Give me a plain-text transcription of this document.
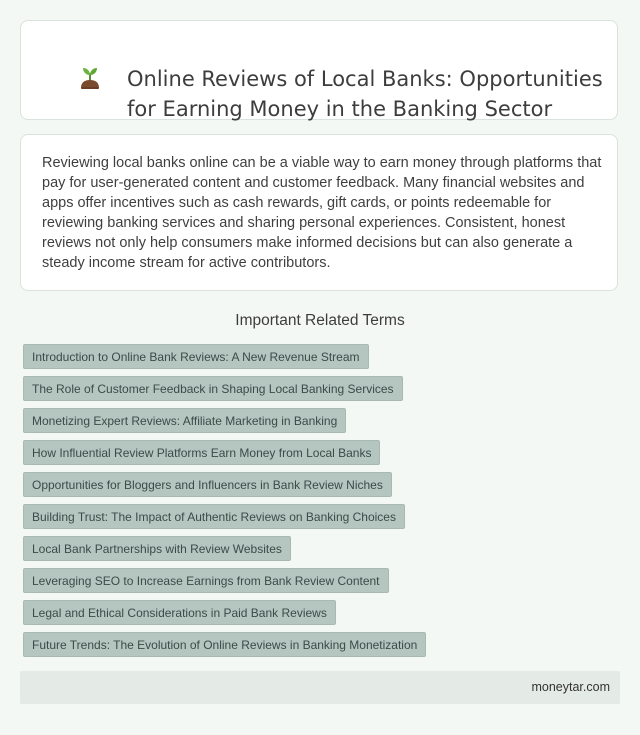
Online Reviews of Local Banks: Opportunities for Earning Money in the Banking Sector

Reviewing local banks online can be a viable way to earn money through platforms that pay for user-generated content and customer feedback. Many financial websites and apps offer incentives such as cash rewards, gift cards, or points redeemable for reviewing banking services and sharing personal experiences. Consistent, honest reviews not only help consumers make informed decisions but can also generate a steady income stream for active contributors.

Important Related Terms
Introduction to Online Bank Reviews: A New Revenue Stream
The Role of Customer Feedback in Shaping Local Banking Services
Monetizing Expert Reviews: Affiliate Marketing in Banking
How Influential Review Platforms Earn Money from Local Banks
Opportunities for Bloggers and Influencers in Bank Review Niches
Building Trust: The Impact of Authentic Reviews on Banking Choices
Local Bank Partnerships with Review Websites
Leveraging SEO to Increase Earnings from Bank Review Content
Legal and Ethical Considerations in Paid Bank Reviews
Future Trends: The Evolution of Online Reviews in Banking Monetization
moneytar.com
